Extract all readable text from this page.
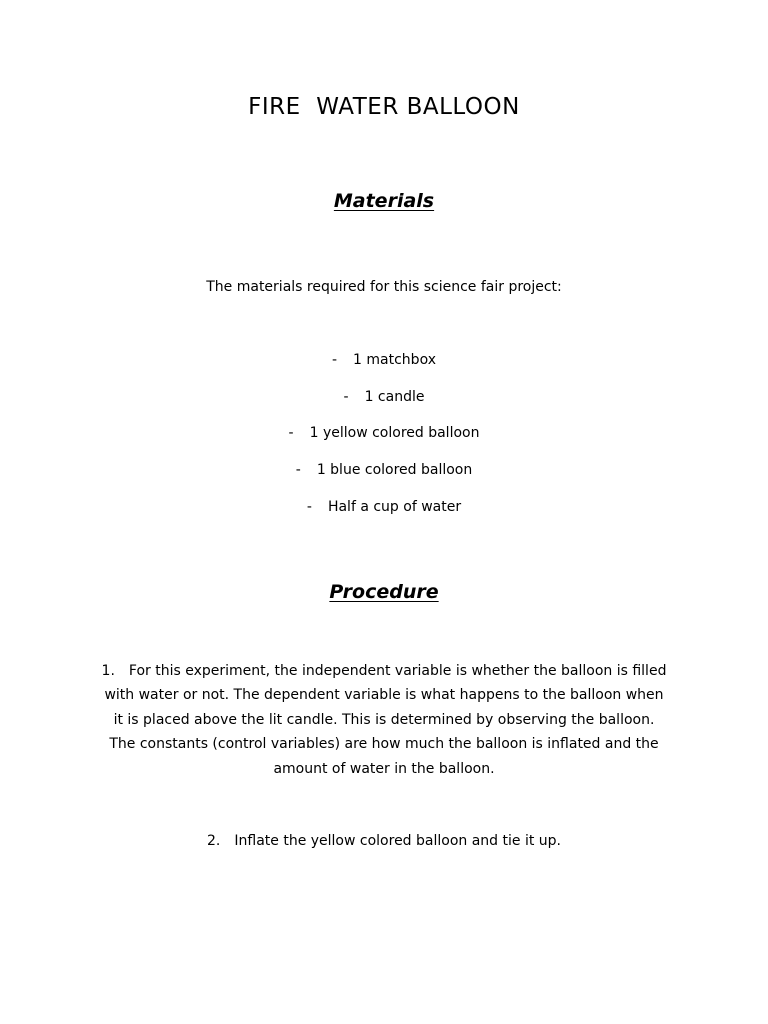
FIRE  WATER BALLOON
Materials

The materials required for this science fair project:

- 1 matchbox
- 1 candle
- 1 yellow colored balloon
- 1 blue colored balloon
- Half a cup of water
Procedure

1. For this experiment, the independent variable is whether the balloon is filled with water or not. The dependent variable is what happens to the balloon when it is placed above the lit candle. This is determined by observing the balloon. The constants (control variables) are how much the balloon is inflated and the amount of water in the balloon.

2. Inflate the yellow colored balloon and tie it up.
